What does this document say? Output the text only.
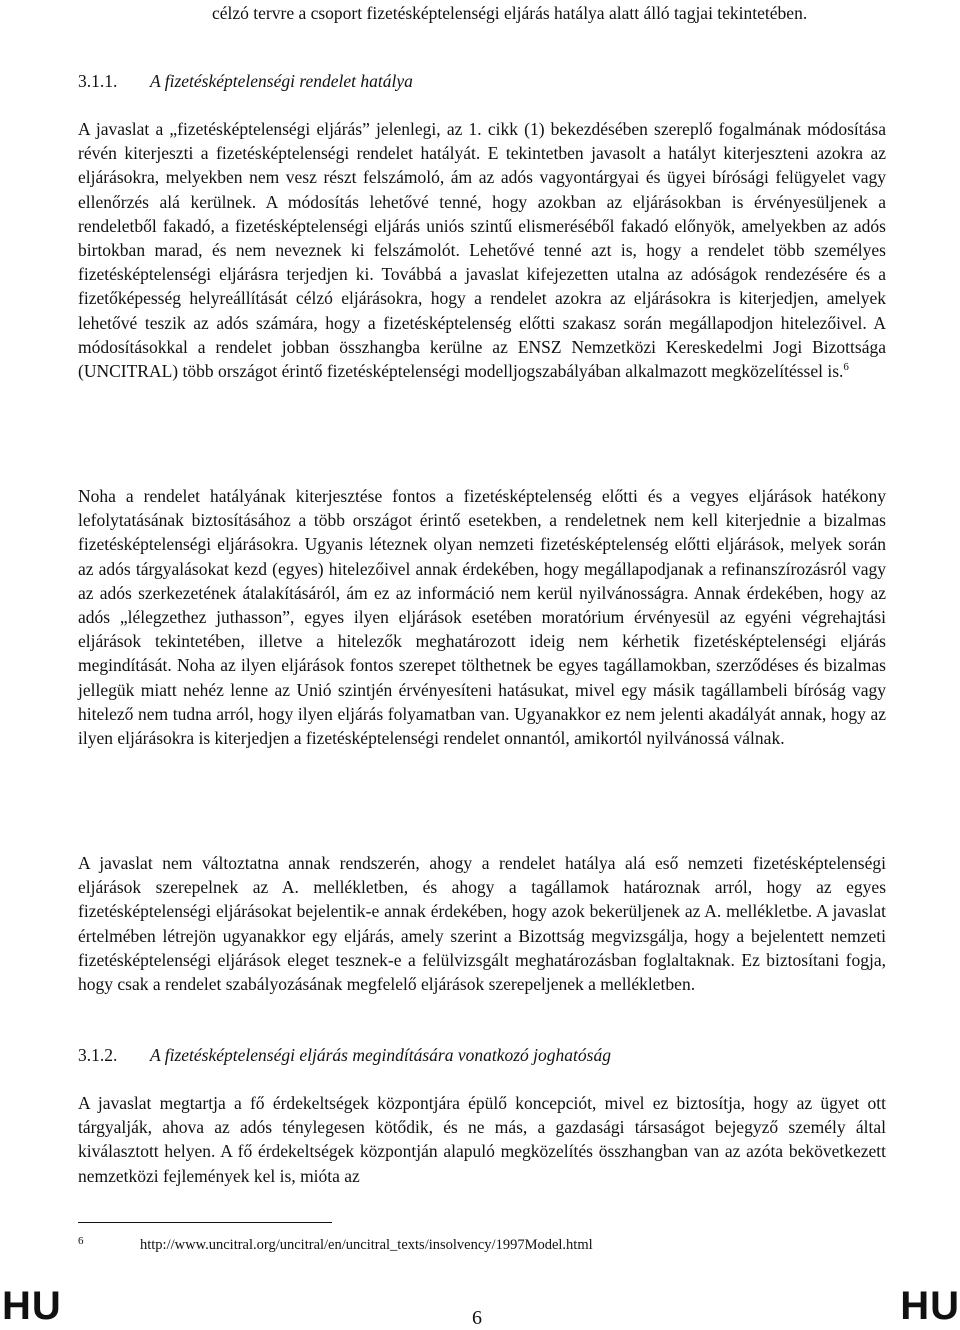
célzó tervre a csoport fizetésképtelenségi eljárás hatálya alatt álló tagjai tekintetében.

3.1.1. A fizetésképtelenségi rendelet hatálya

A javaslat a „fizetésképtelenségi eljárás” jelenlegi, az 1. cikk (1) bekezdésében szereplő fogalmának módosítása révén kiterjeszti a fizetésképtelenségi rendelet hatályát. E tekintetben javasolt a hatályt kiterjeszteni azokra az eljárásokra, melyekben nem vesz részt felszámoló, ám az adós vagyontárgyai és ügyei bírósági felügyelet vagy ellenőrzés alá kerülnek. A módosítás lehetővé tenné, hogy azokban az eljárásokban is érvényesüljenek a rendeletből fakadó, a fizetésképtelenségi eljárás uniós szintű elismeréséből fakadó előnyök, amelyekben az adós birtokban marad, és nem neveznek ki felszámolót. Lehetővé tenné azt is, hogy a rendelet több személyes fizetésképtelenségi eljárásra terjedjen ki. Továbbá a javaslat kifejezetten utalna az adóságok rendezésére és a fizetőképesség helyreállítását célzó eljárásokra, hogy a rendelet azokra az eljárásokra is kiterjedjen, amelyek lehetővé teszik az adós számára, hogy a fizetésképtelenség előtti szakasz során megállapodjon hitelezőivel. A módosításokkal a rendelet jobban összhangba kerülne az ENSZ Nemzetközi Kereskedelmi Jogi Bizottsága (UNCITRAL) több országot érintő fizetésképtelenségi modelljogszabályában alkalmazott megközelítéssel is.$^6$

Noha a rendelet hatályának kiterjesztése fontos a fizetésképtelenség előtti és a vegyes eljárások hatékony lefolytatásának biztosításához a több országot érintő esetekben, a rendeletnek nem kell kiterjednie a bizalmas fizetésképtelenségi eljárásokra. Ugyanis léteznek olyan nemzeti fizetésképtelenség előtti eljárások, melyek során az adós tárgyalásokat kezd (egyes) hitelezőivel annak érdekében, hogy megállapodjanak a refinanszírozásról vagy az adós szerkezetének átalakításáról, ám ez az információ nem kerül nyilvánosságra. Annak érdekében, hogy az adós „lélegzethez juthasson”, egyes ilyen eljárások esetében moratórium érvényesül az egyéni végrehajtási eljárások tekintetében, illetve a hitelezők meghatározott ideig nem kérhetik fizetésképtelenségi eljárás megindítását. Noha az ilyen eljárások fontos szerepet tölthetnek be egyes tagállamokban, szerződéses és bizalmas jellegük miatt nehéz lenne az Unió szintjén érvényesíteni hatásukat, mivel egy másik tagállambeli bíróság vagy hitelező nem tudna arról, hogy ilyen eljárás folyamatban van. Ugyanakkor ez nem jelenti akadályát annak, hogy az ilyen eljárásokra is kiterjedjen a fizetésképtelenségi rendelet onnantól, amikortól nyilvánossá válnak.

A javaslat nem változtatna annak rendszerén, ahogy a rendelet hatálya alá eső nemzeti fizetésképtelenségi eljárások szerepelnek az A. mellékletben, és ahogy a tagállamok határoznak arról, hogy az egyes fizetésképtelenségi eljárásokat bejelentik-e annak érdekében, hogy azok bekerüljenek az A. mellékletbe. A javaslat értelmében létrejön ugyanakkor egy eljárás, amely szerint a Bizottság megvizsgálja, hogy a bejelentett nemzeti fizetésképtelenségi eljárások eleget tesznek-e a felülvizsgált meghatározásban foglaltaknak. Ez biztosítani fogja, hogy csak a rendelet szabályozásának megfelelő eljárások szerepeljenek a mellékletben.

3.1.2. A fizetésképtelenségi eljárás megindítására vonatkozó joghatóság

A javaslat megtartja a fő érdekeltségek központjára épülő koncepciót, mivel ez biztosítja, hogy az ügyet ott tárgyalják, ahova az adós ténylegesen kötődik, és ne más, a gazdasági társaságot bejegyző személy által kiválasztott helyen. A fő érdekeltségek központján alapuló megközelítés összhangban van az azóta bekövetkezett nemzetközi fejlemények kel is, mióta az

6	http://www.uncitral.org/uncitral/en/uncitral_texts/insolvency/1997Model.html
HU	6	HU
